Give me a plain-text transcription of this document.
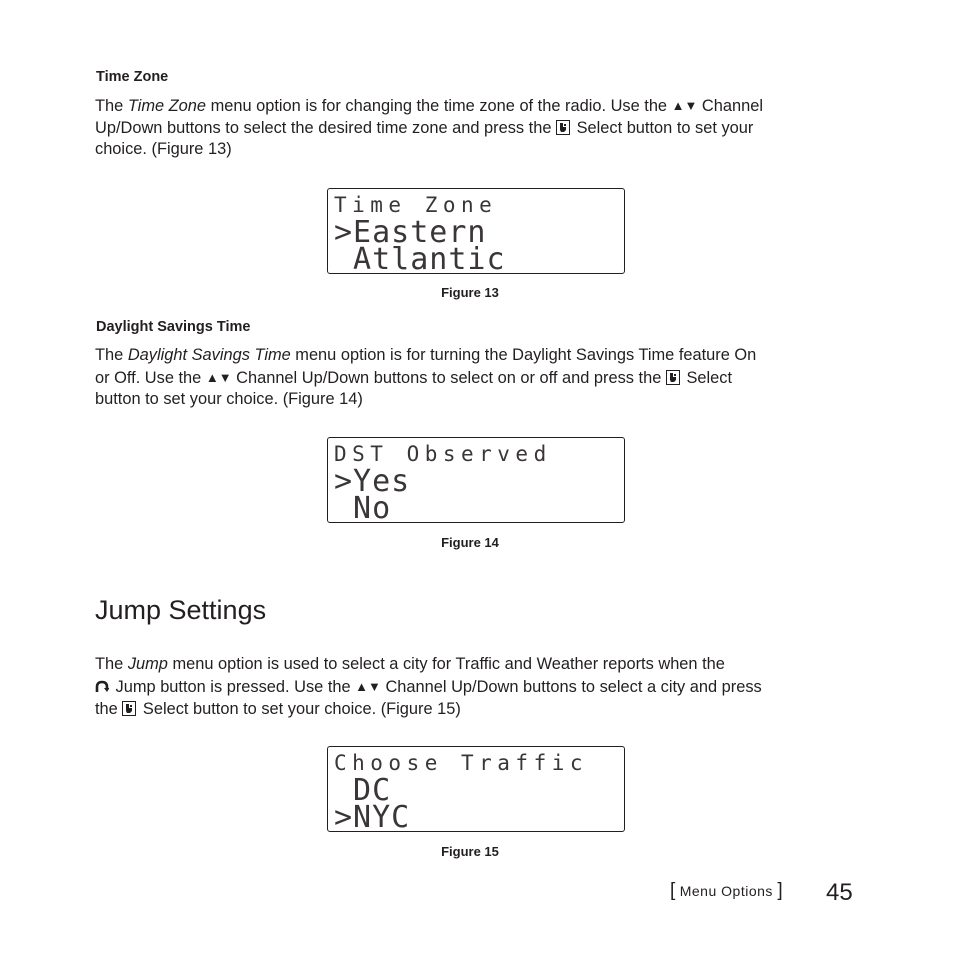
Time Zone
The Time Zone menu option is for changing the time zone of the radio. Use the ▲▼ Channel
Up/Down buttons to select the desired time zone and press the
Select button to set your
choice. (Figure 13)
Time Zone
>Eastern
Atlantic
Figure 13
Daylight Savings Time
The Daylight Savings Time menu option is for turning the Daylight Savings Time feature On
or Off. Use the ▲▼ Channel Up/Down buttons to select on or off and press the
Select
button to set your choice. (Figure 14)
DST Observed
>Yes
No
Figure 14
Jump Settings
The Jump menu option is used to select a city for Traffic and Weather reports when the
Jump button is pressed. Use the ▲▼ Channel Up/Down buttons to select a city and press
the
Select button to set your choice. (Figure 15)
Choose Traffic
DC
>NYC
Figure 15
[ Menu Options ] 45
